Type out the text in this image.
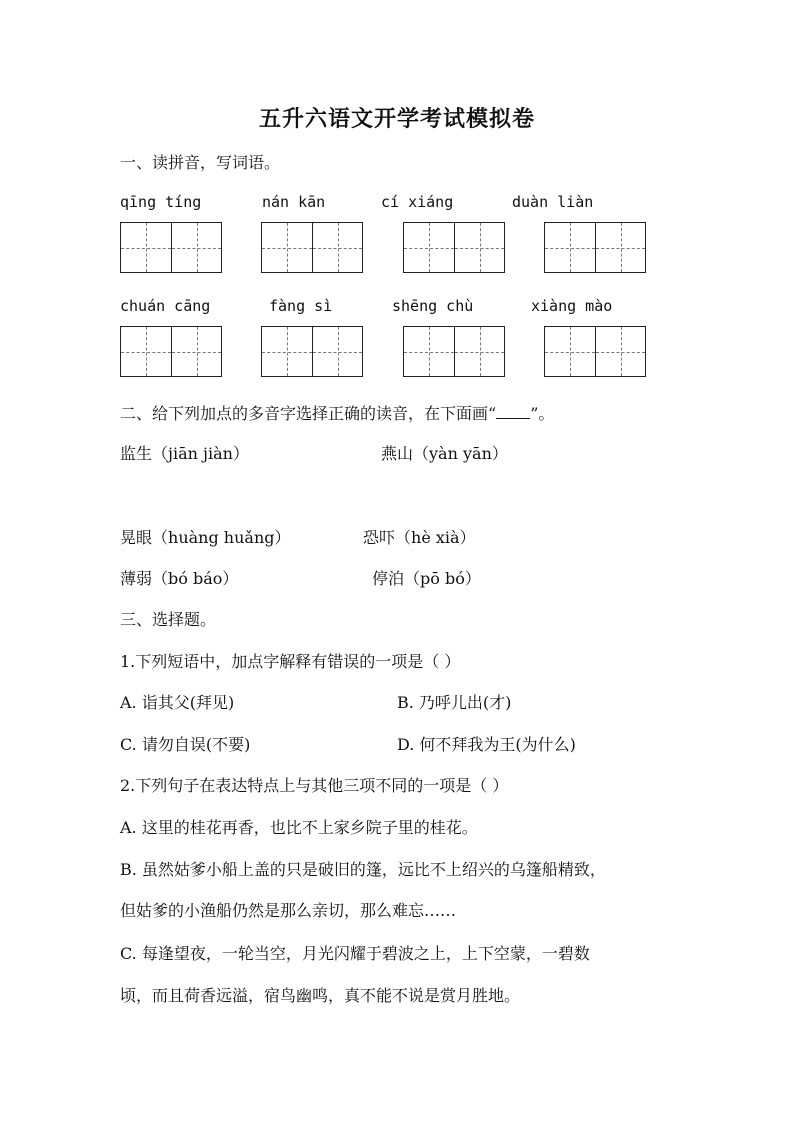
五升六语文开学考试模拟卷
一、读拼音，写词语。
qīng tíng	nán kān	cí xiáng	duàn liàn
chuán cāng	fàng sì	shēng chù	xiàng mào
二、给下列加点的多音字选择正确的读音，在下面画“ ”。
监生（jiān jiàn）	燕山（yàn yān）
晃眼（huàng huǎng）	恐吓（hè xià）
薄弱（bó báo）	停泊（pō bó）
三、选择题。
1.下列短语中，加点字解释有错误的一项是（ ）
A. 诣其父(拜见)	B. 乃呼儿出(才)
C. 请勿自误(不要)	D. 何不拜我为王(为什么)
2.下列句子在表达特点上与其他三项不同的一项是（ ）
A. 这里的桂花再香，也比不上家乡院子里的桂花。
B. 虽然姑爹小船上盖的只是破旧的篷，远比不上绍兴的乌篷船精致，
但姑爹的小渔船仍然是那么亲切，那么难忘……
C. 每逢望夜，一轮当空，月光闪耀于碧波之上，上下空蒙，一碧数
顷，而且荷香远溢，宿鸟幽鸣，真不能不说是赏月胜地。
